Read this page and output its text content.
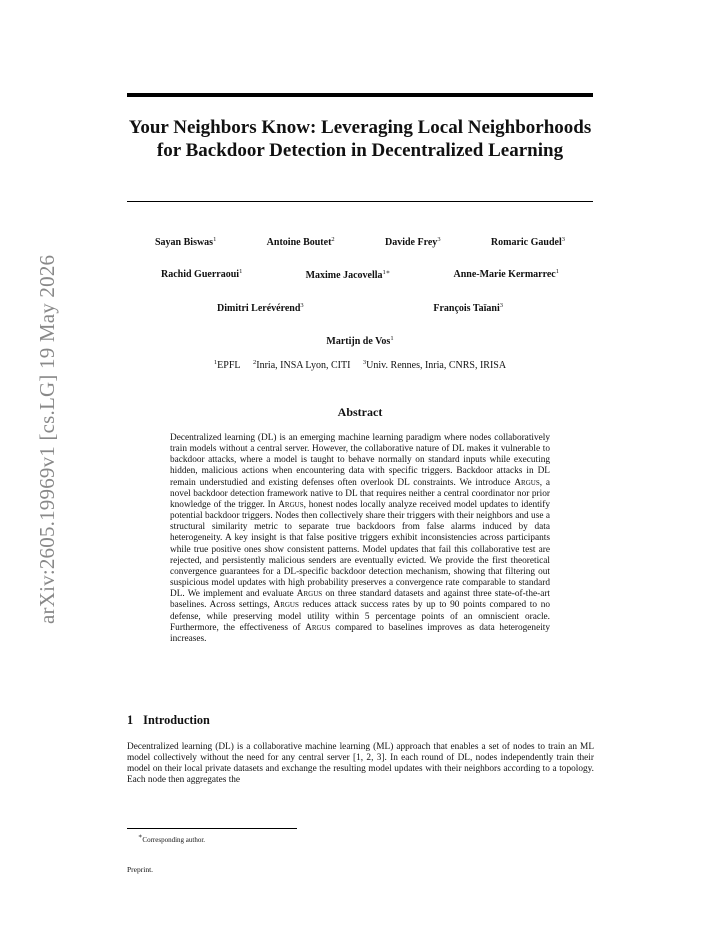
arXiv:2605.19969v1 [cs.LG] 19 May 2026
Your Neighbors Know: Leveraging Local Neighborhoods for Backdoor Detection in Decentralized Learning
Sayan Biswas$^1$	Antoine Boutet$^2$	Davide Frey$^3$	Romaric Gaudel$^3$
Rachid Guerraoui$^1$	Maxime Jacovella$^{1∗}$	Anne-Marie Kermarrec$^1$
Dimitri Lerévérend$^3$	François Taïani$^3$
Martijn de Vos$^1$
$^1$EPFL $^2$Inria, INSA Lyon, CITI $^3$Univ. Rennes, Inria, CNRS, IRISA
Abstract
Decentralized learning (DL) is an emerging machine learning paradigm where nodes collaboratively train models without a central server. However, the collaborative nature of DL makes it vulnerable to backdoor attacks, where a model is taught to behave normally on standard inputs while executing hidden, malicious actions when encountering data with specific triggers. Backdoor attacks in DL remain understudied and existing defenses often overlook DL constraints. We introduce Argus, a novel backdoor detection framework native to DL that requires neither a central coordinator nor prior knowledge of the trigger. In Argus, honest nodes locally analyze received model updates to identify potential backdoor triggers. Nodes then collectively share their triggers with their neighbors and use a structural similarity metric to separate true backdoors from false alarms induced by data heterogeneity. A key insight is that false positive triggers exhibit inconsistencies across participants while true positive ones show consistent patterns. Model updates that fail this collaborative test are rejected, and persistently malicious senders are eventually evicted. We provide the first theoretical convergence guarantees for a DL-specific backdoor detection mechanism, showing that filtering out suspicious model updates with high probability preserves a convergence rate comparable to standard DL. We implement and evaluate Argus on three standard datasets and against three state-of-the-art baselines. Across settings, Argus reduces attack success rates by up to 90 points compared to no defense, while preserving model utility within 5 percentage points of an omniscient oracle. Furthermore, the effectiveness of Argus compared to baselines improves as data heterogeneity increases.
1 Introduction
Decentralized learning (DL) is a collaborative machine learning (ML) approach that enables a set of nodes to train an ML model collectively without the need for any central server [1, 2, 3]. In each round of DL, nodes independently train their model on their local private datasets and exchange the resulting model updates with their neighbors according to a topology. Each node then aggregates the
∗Corresponding author.
Preprint.
